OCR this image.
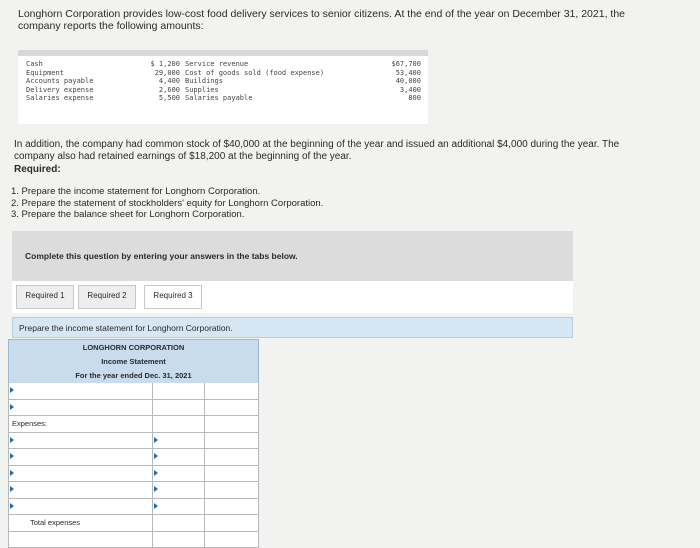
Longhorn Corporation provides low-cost food delivery services to senior citizens. At the end of the year on December 31, 2021, the company reports the following amounts:
Cash
Equipment
Accounts payable
Delivery expense
Salaries expense
$ 1,200
29,000
4,400
2,600
5,500
Service revenue
Cost of goods sold (food expense)
Buildings
Supplies
Salaries payable
$67,700
53,400
40,000
3,400
800
In addition, the company had common stock of $40,000 at the beginning of the year and issued an additional $4,000 during the year. The company also had retained earnings of $18,200 at the beginning of the year.
Required:
1. Prepare the income statement for Longhorn Corporation.
2. Prepare the statement of stockholders' equity for Longhorn Corporation.
3. Prepare the balance sheet for Longhorn Corporation.
Complete this question by entering your answers in the tabs below.
Required 1	Required 2	Required 3
Prepare the income statement for Longhorn Corporation.
LONGHORN CORPORATION
Income Statement
For the year ended Dec. 31, 2021
Expenses:
Total expenses
